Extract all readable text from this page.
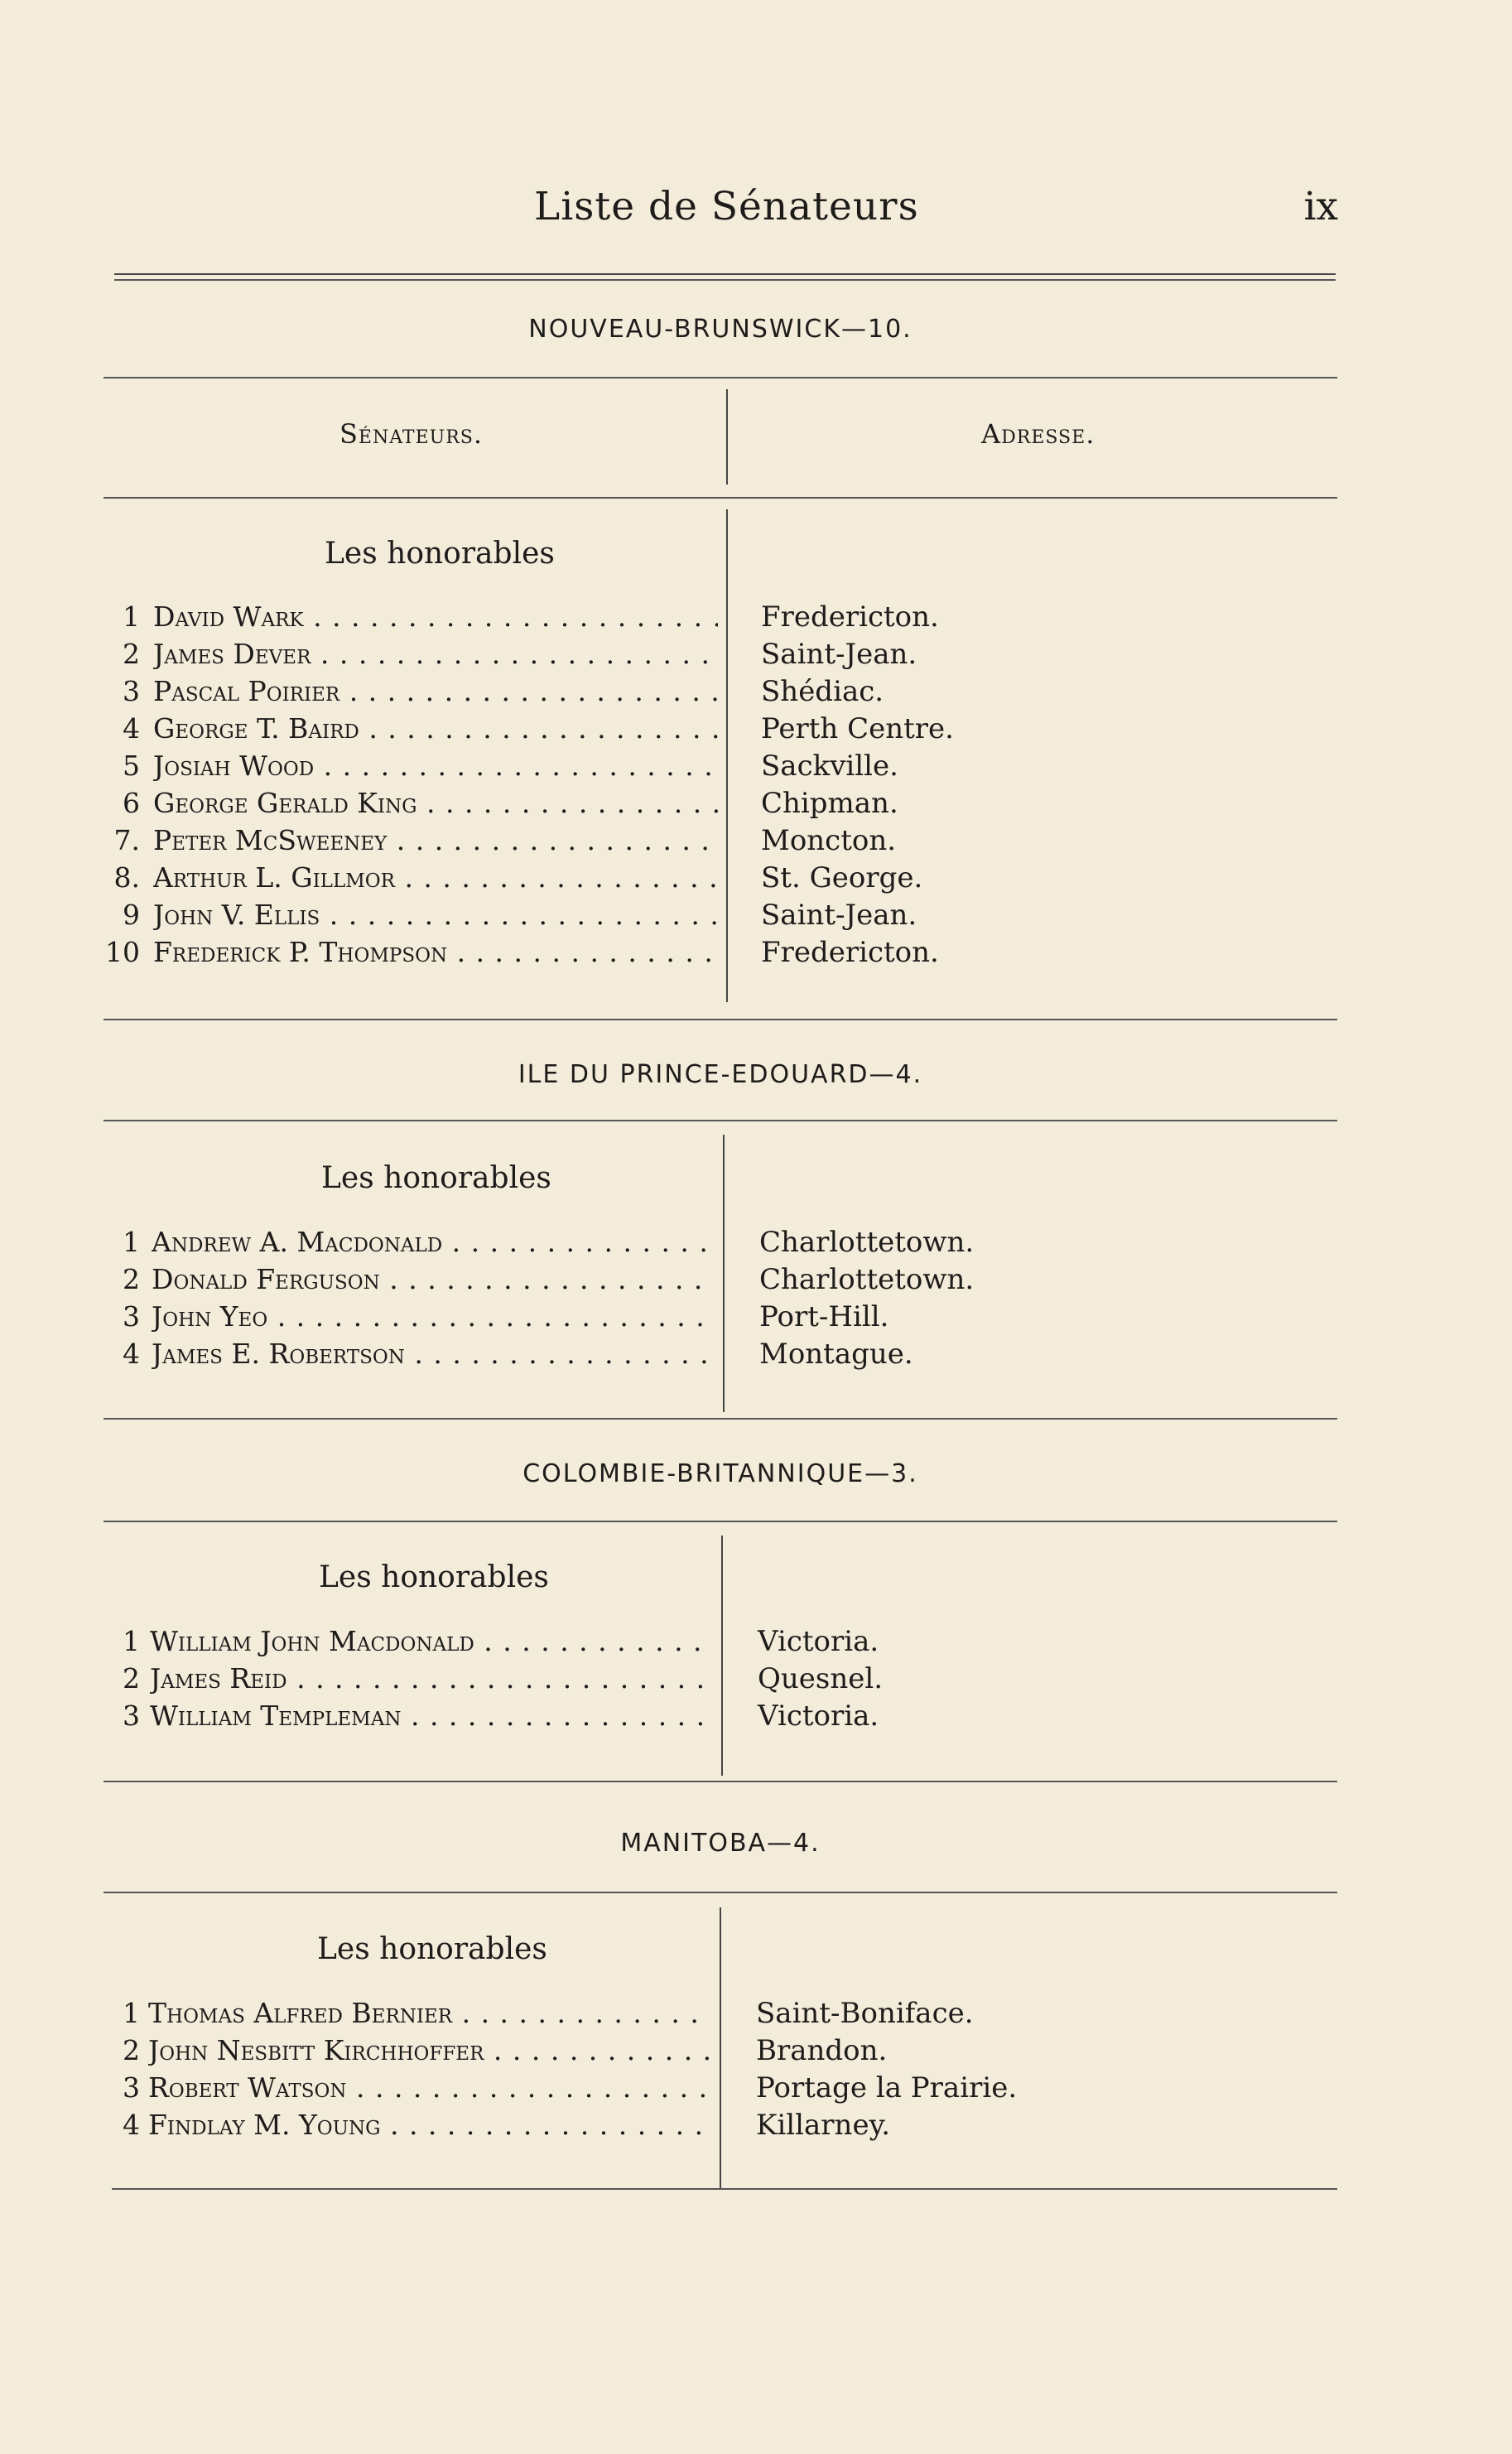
Liste de Sénateurs	ix
NOUVEAU-BRUNSWICK—10.
Sénateurs.	Adresse.
Les honorables
1 David Wark . . .	Fredericton.
2 James Dever . . .	Saint-Jean.
3 Pascal Poirier . . .	Shédiac.
4 George T. Baird . . .	Perth Centre.
5 Josiah Wood . . .	Sackville.
6 George Gerald King . . .	Chipman.
7. Peter McSweeney . . .	Moncton.
8. Arthur L. Gillmor . . .	St. George.
9 John V. Ellis . . .	Saint-Jean.
10 Frederick P. Thompson . . .	Fredericton.
ILE DU PRINCE-EDOUARD—4.
Les honorables
1 Andrew A. Macdonald . . .	Charlottetown.
2 Donald Ferguson . . .	Charlottetown.
3 John Yeo . . .	Port-Hill.
4 James E. Robertson . . .	Montague.
COLOMBIE-BRITANNIQUE—3.
Les honorables
1 William John Macdonald . . .	Victoria.
2 James Reid . . .	Quesnel.
3 William Templeman . . .	Victoria.
MANITOBA—4.
Les honorables
1 Thomas Alfred Bernier . . .	Saint-Boniface.
2 John Nesbitt Kirchhoffer . . .	Brandon.
3 Robert Watson . . .	Portage la Prairie.
4 Findlay M. Young . . .	Killarney.
